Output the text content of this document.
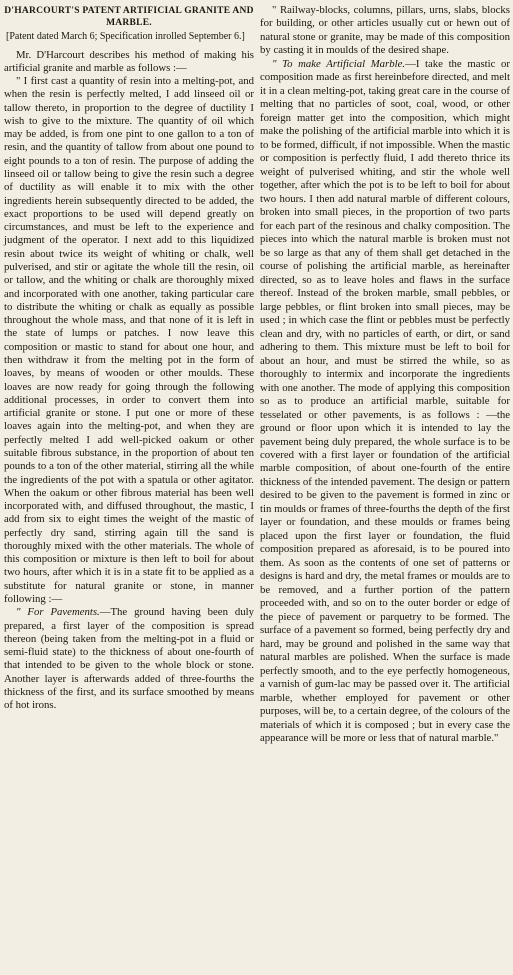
D'HARCOURT'S PATENT ARTIFICIAL GRANITE AND MARBLE.
[Patent dated March 6; Specification inrolled September 6.]

Mr. D'Harcourt describes his method of making his artificial granite and marble as follows :—

" I first cast a quantity of resin into a melting-pot, and when the resin is perfectly melted, I add linseed oil or tallow thereto, in proportion to the degree of ductility I wish to give to the mixture. The quantity of oil which may be added, is from one pint to one gallon to a ton of resin, and the quantity of tallow from about one pound to eight pounds to a ton of resin. The purpose of adding the linseed oil or tallow being to give the resin such a degree of ductility as will enable it to mix with the other ingredients herein subsequently directed to be added, the exact proportions to be used will depend greatly on circumstances, and must be left to the experience and judgment of the operator. I next add to this liquidized resin about twice its weight of whiting or chalk, well pulverised, and stir or agitate the whole till the resin, oil or tallow, and the whiting or chalk are thoroughly mixed and incorporated with one another, taking particular care to distribute the whiting or chalk as equally as possible throughout the whole mass, and that none of it is left in the state of lumps or patches. I now leave this composition or mastic to stand for about one hour, and then withdraw it from the melting pot in the form of loaves, by means of wooden or other moulds. These loaves are now ready for going through the following additional processes, in order to convert them into artificial granite or stone. I put one or more of these loaves again into the melting-pot, and when they are perfectly melted I add well-picked oakum or other suitable fibrous substance, in the proportion of about ten pounds to a ton of the other material, stirring all the while the ingredients of the pot with a spatula or other agitator. When the oakum or other fibrous material has been well incorporated with, and diffused throughout, the mastic, I add from six to eight times the weight of the mastic of perfectly dry sand, stirring again till the sand is thoroughly mixed with the other materials. The whole of this composition or mixture is then left to boil for about two hours, after which it is in a state fit to be applied as a substitute for natural granite or stone, in manner following :—

" For Pavements.—The ground having been duly prepared, a first layer of the composition is spread thereon (being taken from the melting-pot in a fluid or semi-fluid state) to the thickness of about one-fourth of that intended to be given to the whole block or stone. Another layer is afterwards added of three-fourths the thickness of the first, and its surface smoothed by means of hot irons.

" Railway-blocks, columns, pillars, urns, slabs, blocks for building, or other articles usually cut or hewn out of natural stone or granite, may be made of this composition by casting it in moulds of the desired shape.

" To make Artificial Marble.—I take the mastic or composition made as first hereinbefore directed, and melt it in a clean melting-pot, taking great care in the course of melting that no particles of soot, coal, wood, or other foreign matter get into the composition, which might make the polishing of the artificial marble into which it is to be formed, difficult, if not impossible. When the mastic or composition is perfectly fluid, I add thereto thrice its weight of pulverised whiting, and stir the whole well together, after which the pot is to be left to boil for about two hours. I then add natural marble of different colours, broken into small pieces, in the proportion of two parts for each part of the resinous and chalky composition. The pieces into which the natural marble is broken must not be so large as that any of them shall get detached in the course of polishing the artificial marble, as hereinafter directed, so as to leave holes and flaws in the surface thereof. Instead of the broken marble, small pebbles, or large pebbles, or flint broken into small pieces, may be used ; in which case the flint or pebbles must be perfectly clean and dry, with no particles of earth, or dirt, or sand adhering to them. This mixture must be left to boil for about an hour, and must be stirred the while, so as thoroughly to intermix and incorporate the ingredients with one another. The mode of applying this composition so as to produce an artificial marble, suitable for tesselated or other pavements, is as follows : —the ground or floor upon which it is intended to lay the pavement being duly prepared, the whole surface is to be covered with a first layer or foundation of the artificial marble composition, of about one-fourth of the entire thickness of the intended pavement. The design or pattern desired to be given to the pavement is formed in zinc or tin moulds or frames of three-fourths the depth of the first layer or foundation, and these moulds or frames being placed upon the first layer or foundation, the fluid composition prepared as aforesaid, is to be poured into them. As soon as the contents of one set of patterns or designs is hard and dry, the metal frames or moulds are to be removed, and a further portion of the pattern proceeded with, and so on to the outer border or edge of the piece of pavement or parquetry to be formed. The surface of a pavement so formed, being perfectly dry and hard, may be ground and polished in the same way that natural marbles are polished. When the surface is made perfectly smooth, and to the eye perfectly homogeneous, a varnish of gum-lac may be passed over it. The artificial marble, whether employed for pavement or other purposes, will be, to a certain degree, of the colours of the materials of which it is composed ; but in every case the appearance will be more or less that of natural marble."
